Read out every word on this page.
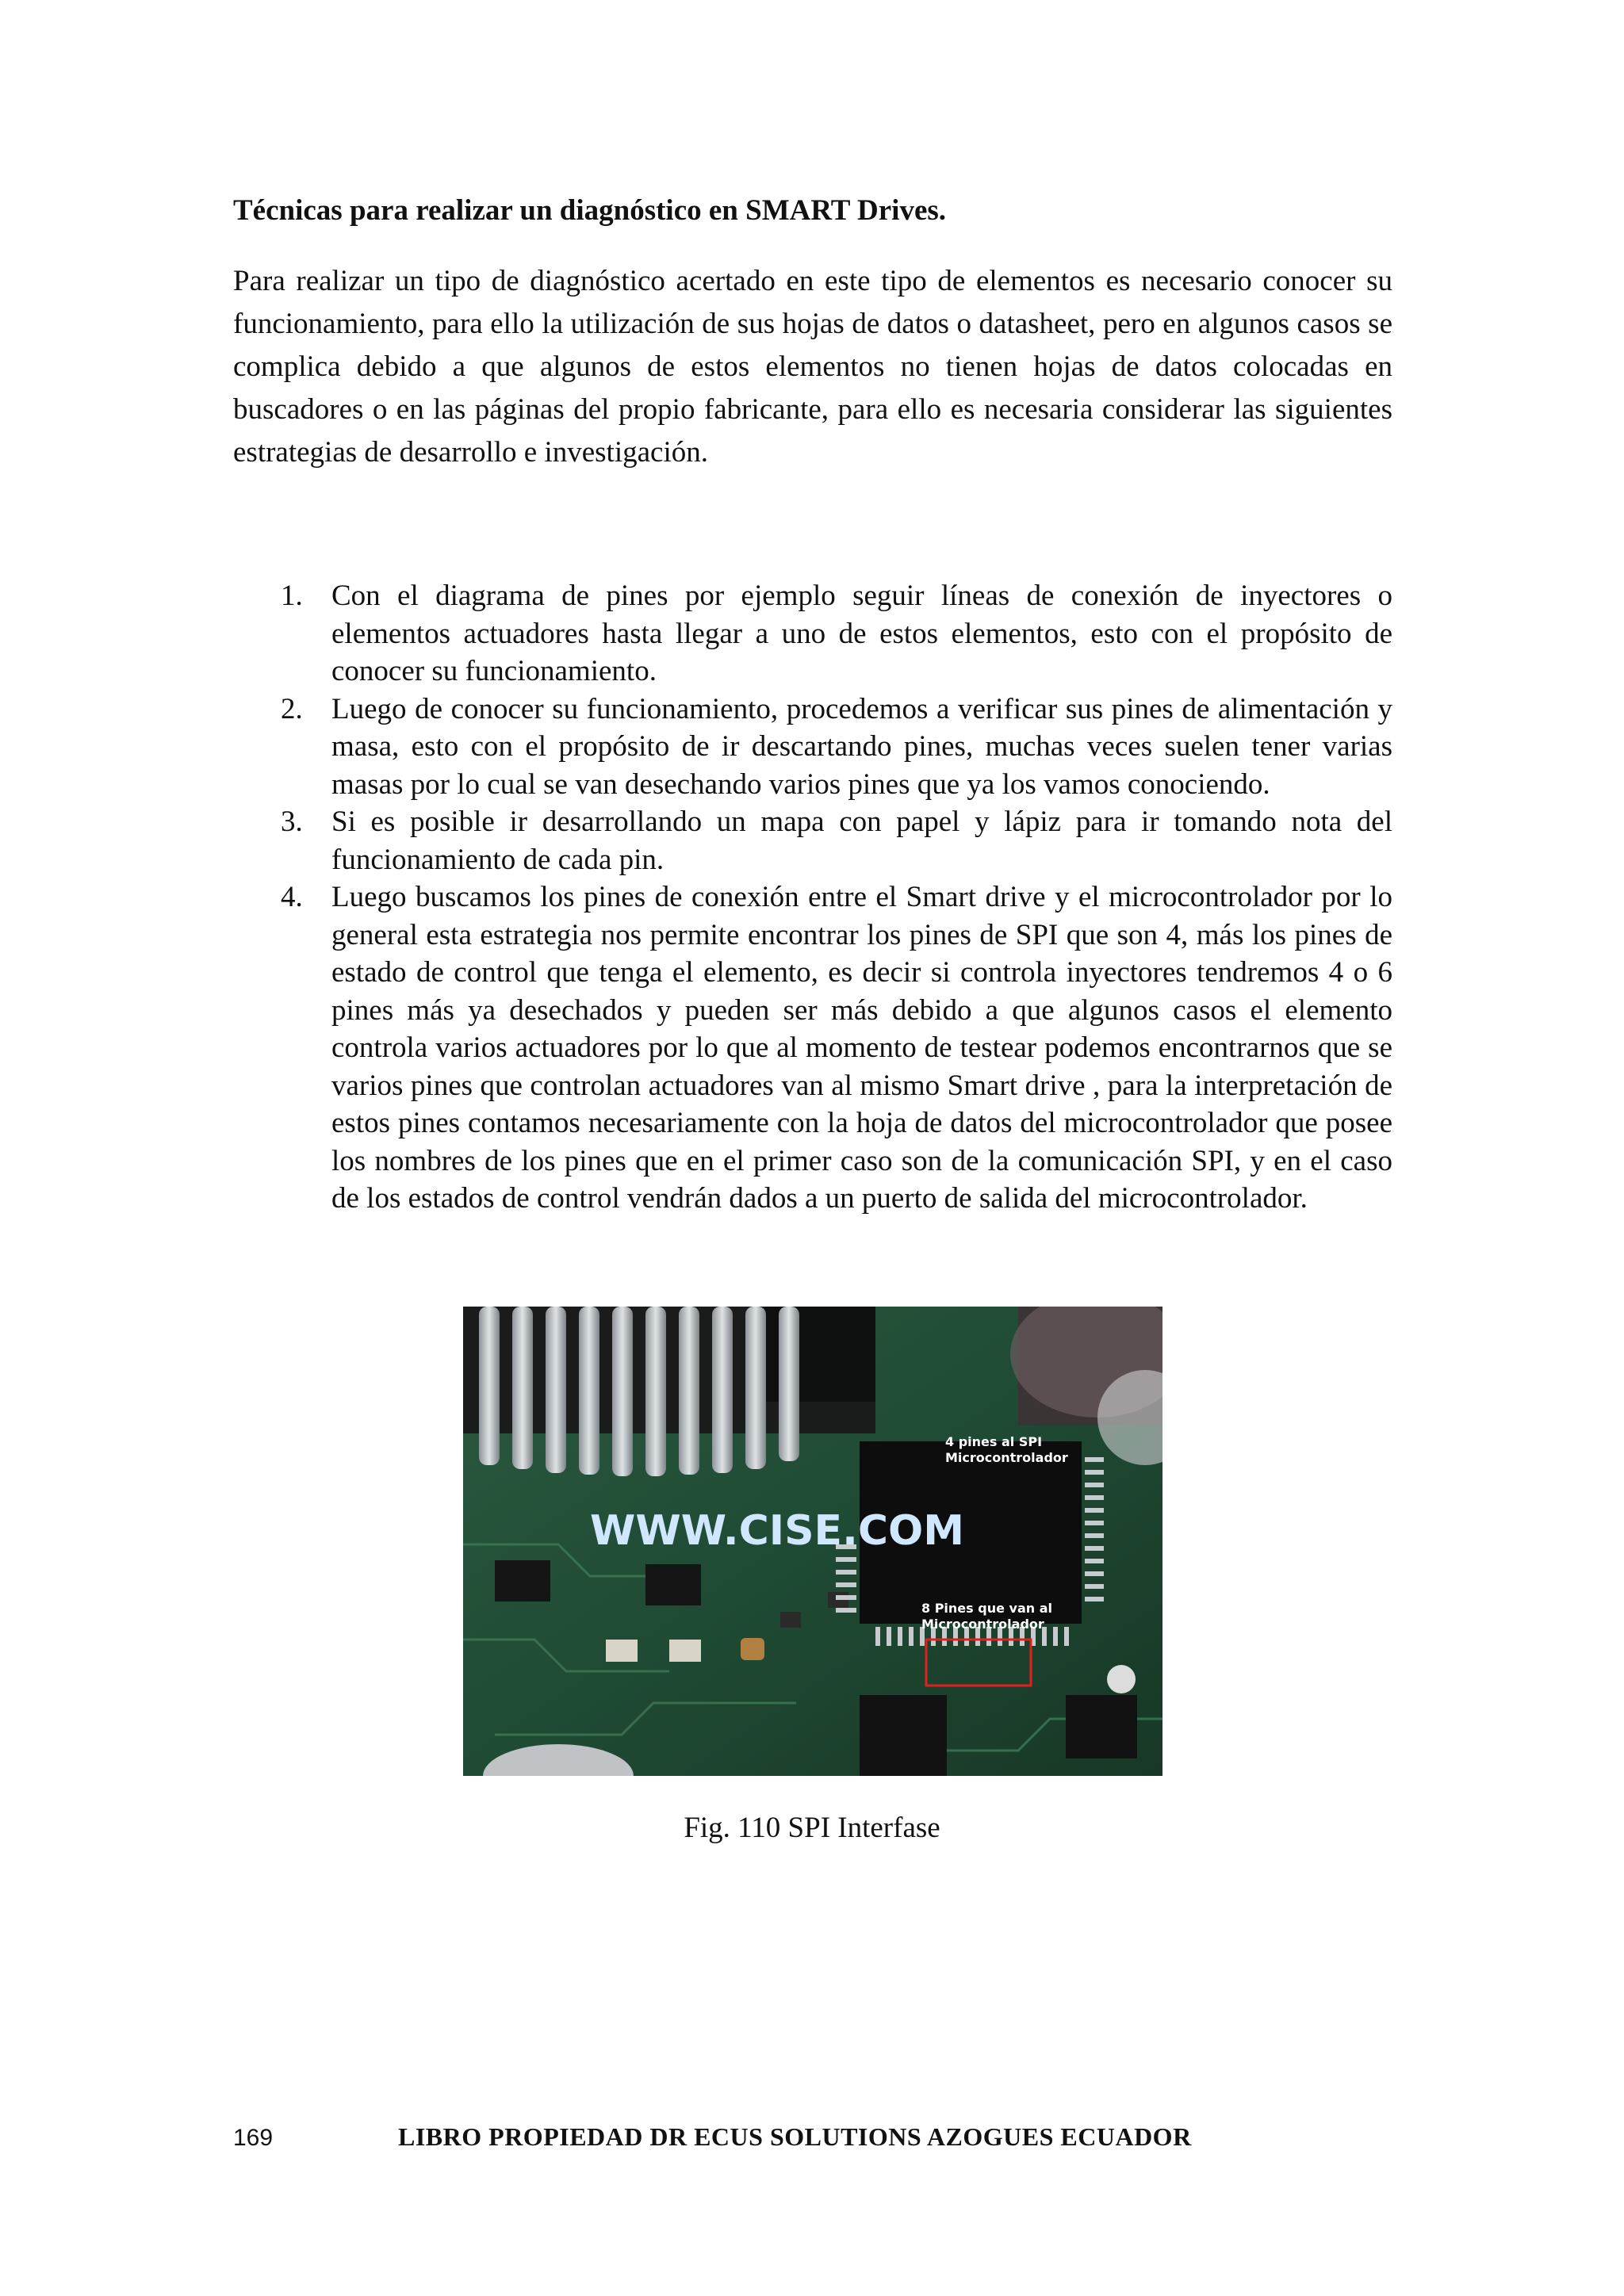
Técnicas para realizar un diagnóstico en SMART Drives.

Para realizar un tipo de diagnóstico acertado en este tipo de elementos es necesario conocer su funcionamiento, para ello la utilización de sus hojas de datos o datasheet, pero en algunos casos se complica debido a que algunos de estos elementos no tienen hojas de datos colocadas en buscadores o en las páginas del propio fabricante, para ello es necesaria considerar las siguientes estrategias de desarrollo e investigación.

1. Con el diagrama de pines por ejemplo seguir líneas de conexión de inyectores o elementos actuadores hasta llegar a uno de estos elementos, esto con el propósito de conocer su funcionamiento.
2. Luego de conocer su funcionamiento, procedemos a verificar sus pines de alimentación y masa, esto con el propósito de ir descartando pines, muchas veces suelen tener varias masas por lo cual se van desechando varios pines que ya los vamos conociendo.
3. Si es posible ir desarrollando un mapa con papel y lápiz para ir tomando nota del funcionamiento de cada pin.
4. Luego buscamos los pines de conexión entre el Smart drive y el microcontrolador por lo general esta estrategia nos permite encontrar los pines de SPI que son 4, más los pines de estado de control que tenga el elemento, es decir si controla inyectores tendremos 4 o 6 pines más ya desechados y pueden ser más debido a que algunos casos el elemento controla varios actuadores por lo que al momento de testear podemos encontrarnos que se varios pines que controlan actuadores van al mismo Smart drive , para la interpretación de estos pines contamos necesariamente con la hoja de datos del microcontrolador que posee los nombres de los pines que en el primer caso son de la comunicación SPI, y en el caso de los estados de control vendrán dados a un puerto de salida del microcontrolador.
WWW.CISE.COM
4 pines al SPI
Microcontrolador
8 Pines que van al
Microcontrolador

Fig. 110 SPI Interfase

169	LIBRO PROPIEDAD DR ECUS SOLUTIONS AZOGUES ECUADOR
